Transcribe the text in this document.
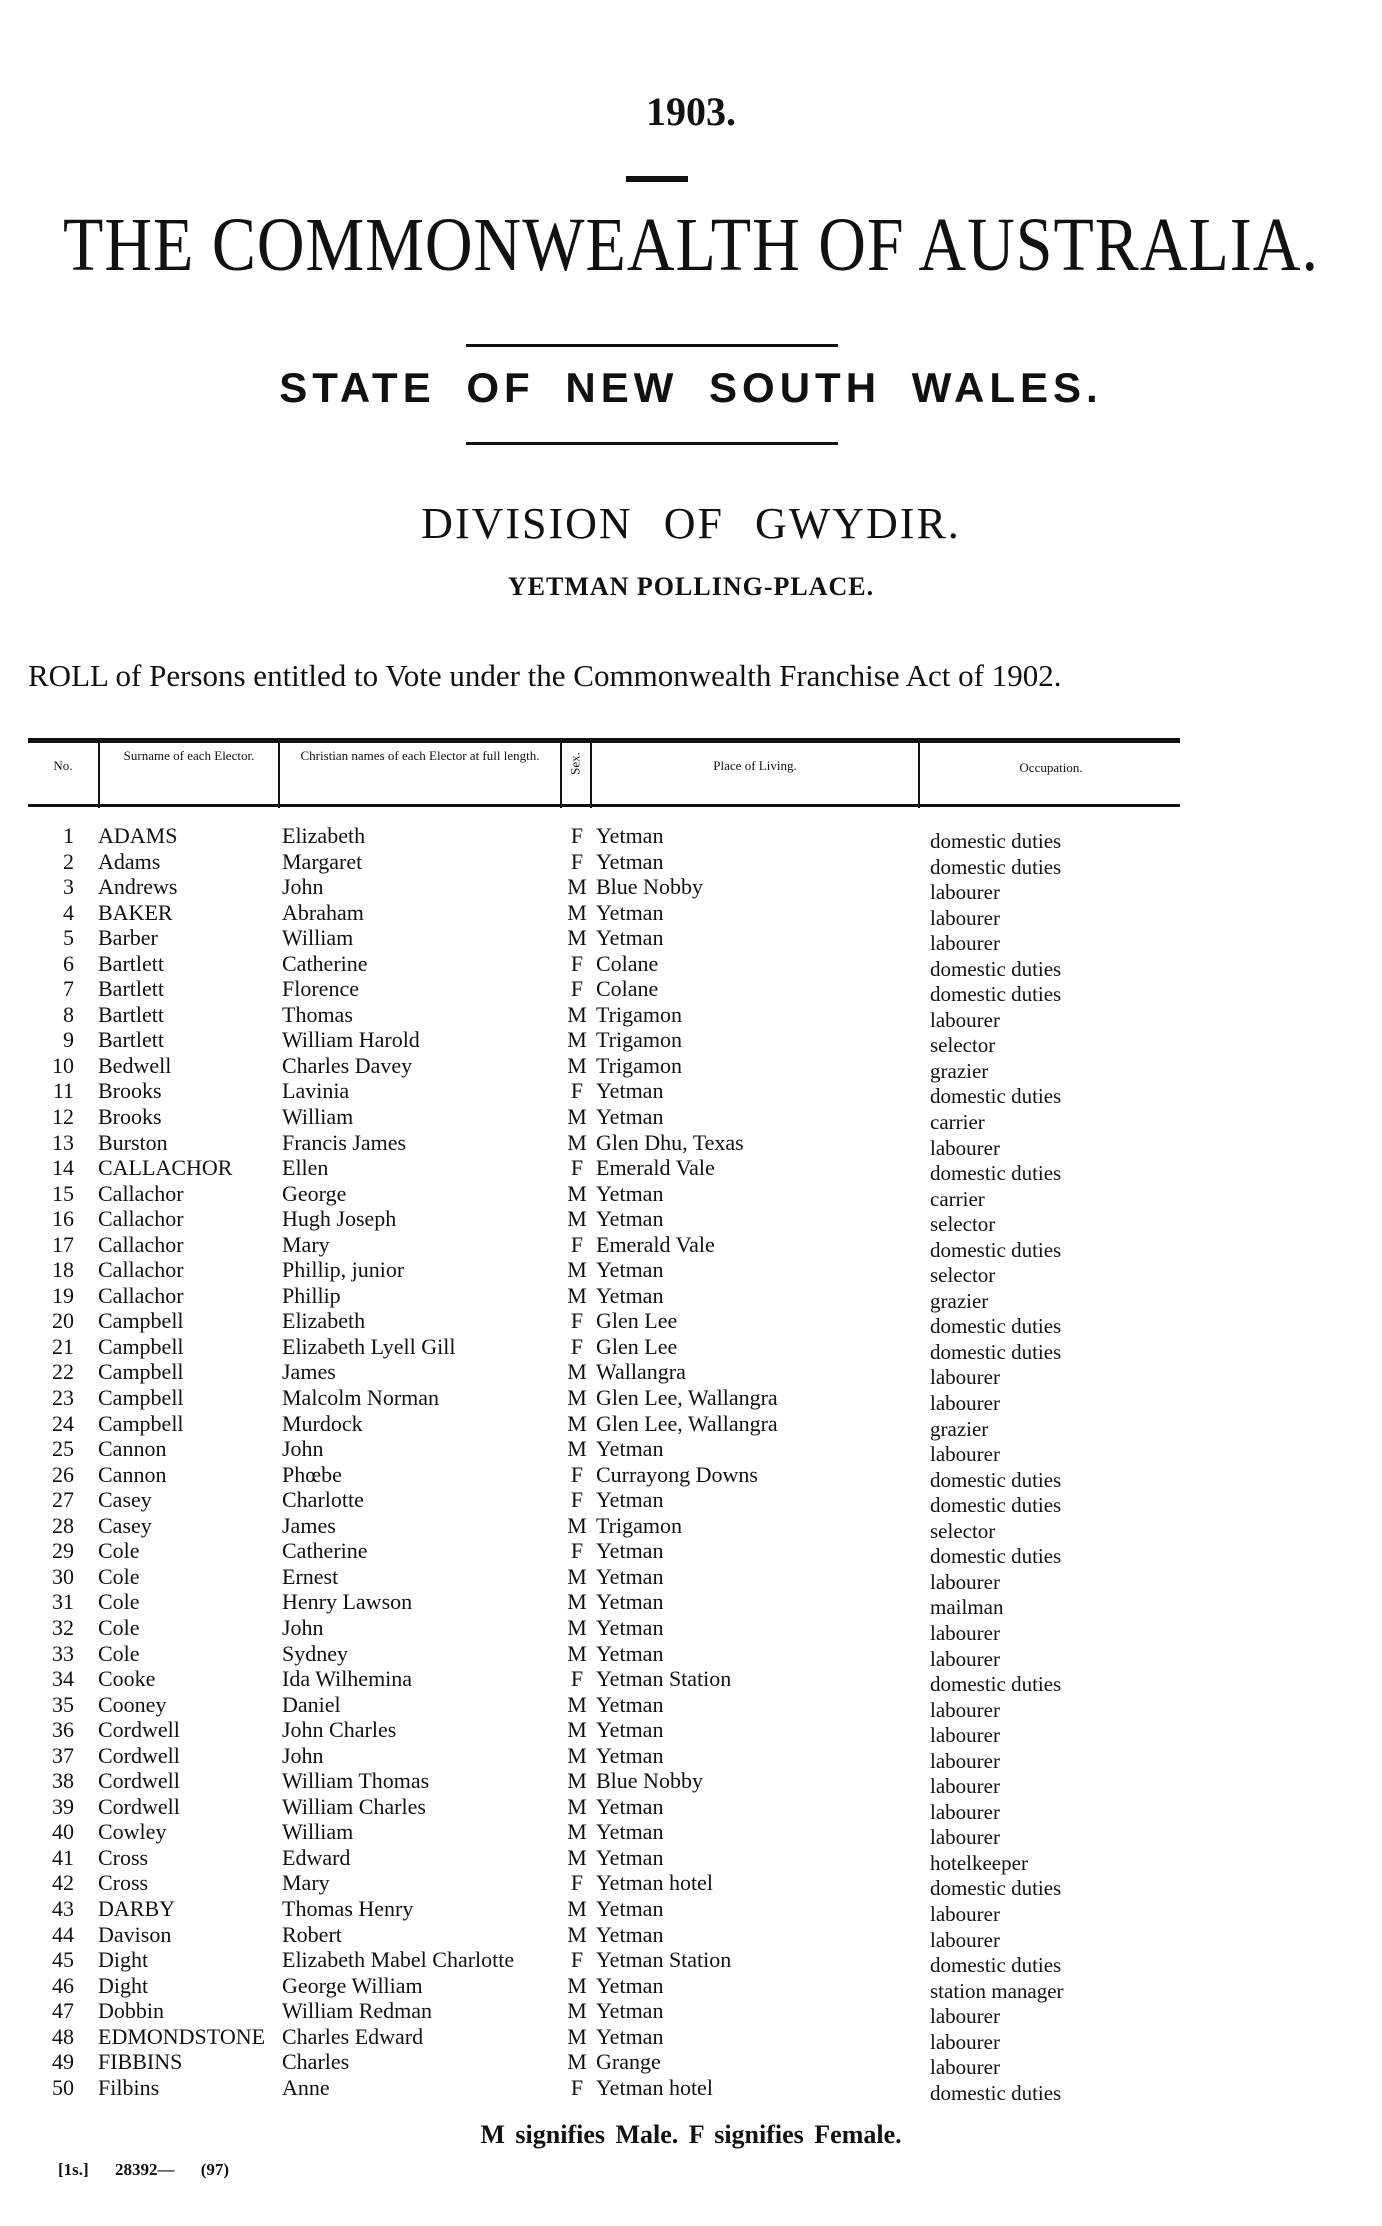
1903.
THE COMMONWEALTH OF AUSTRALIA.
STATE OF NEW SOUTH WALES.
DIVISION OF GWYDIR.
YETMAN POLLING-PLACE.
ROLL of Persons entitled to Vote under the Commonwealth Franchise Act of 1902.
No.
Surname of each Elector.	Christian names of each Elector at full length.	Sex.	Place of Living.	Occupation.
1 ADAMS	Elizabeth	F Yetman	domestic duties
2 Adams	Margaret	F Yetman	domestic duties
3 Andrews	John	M Blue Nobby	labourer
4 BAKER	Abraham	M Yetman	labourer
5 Barber	William	M Yetman	labourer
6 Bartlett	Catherine	F Colane	domestic duties
7 Bartlett	Florence	F Colane	domestic duties
8 Bartlett	Thomas	M Trigamon	labourer
9 Bartlett	William Harold	M Trigamon	selector
10 Bedwell	Charles Davey	M Trigamon	grazier
11 Brooks	Lavinia	F Yetman	domestic duties
12 Brooks	William	M Yetman	carrier
13 Burston	Francis James	M Glen Dhu, Texas	labourer
14 CALLACHOR Ellen	F Emerald Vale	domestic duties
15 Callachor	George	M Yetman	carrier
16 Callachor	Hugh Joseph	M Yetman	selector
17 Callachor	Mary	F Emerald Vale	domestic duties
18 Callachor	Phillip, junior	M Yetman	selector
19 Callachor	Phillip	M Yetman	grazier
20 Campbell	Elizabeth	F Glen Lee	domestic duties
21 Campbell	Elizabeth Lyell Gill	F Glen Lee	domestic duties
22 Campbell	James	M Wallangra	labourer
23 Campbell	Malcolm Norman	M Glen Lee, Wallangra	labourer
24 Campbell	Murdock	M Glen Lee, Wallangra	grazier
25 Cannon	John	M Yetman	labourer
26 Cannon	Phœbe	F Currayong Downs	domestic duties
27 Casey	Charlotte	F Yetman	domestic duties
28 Casey	James	M Trigamon	selector
29 Cole	Catherine	F Yetman	domestic duties
30 Cole	Ernest	M Yetman	labourer
31 Cole	Henry Lawson	M Yetman	mailman
32 Cole	John	M Yetman	labourer
33 Cole	Sydney	M Yetman	labourer
34 Cooke	Ida Wilhemina	F Yetman Station	domestic duties
35 Cooney	Daniel	M Yetman	labourer
36 Cordwell	John Charles	M Yetman	labourer
37 Cordwell	John	M Yetman	labourer
38 Cordwell	William Thomas	M Blue Nobby	labourer
39 Cordwell	William Charles	M Yetman	labourer
40 Cowley	William	M Yetman	labourer
41 Cross	Edward	M Yetman	hotelkeeper
42 Cross	Mary	F Yetman hotel	domestic duties
43 DARBY	Thomas Henry	M Yetman	labourer
44 Davison	Robert	M Yetman	labourer
45 Dight	Elizabeth Mabel Charlotte	F Yetman Station	domestic duties
46 Dight	George William	M Yetman	station manager
47 Dobbin	William Redman	M Yetman	labourer
48 EDMONDSTONE Charles Edward	M Yetman	labourer
49 FIBBINS	Charles	M Grange	labourer
50 Filbins	Anne	F Yetman hotel	domestic duties
M signifies Male. F signifies Female.
[1s.] 28392— (97)
